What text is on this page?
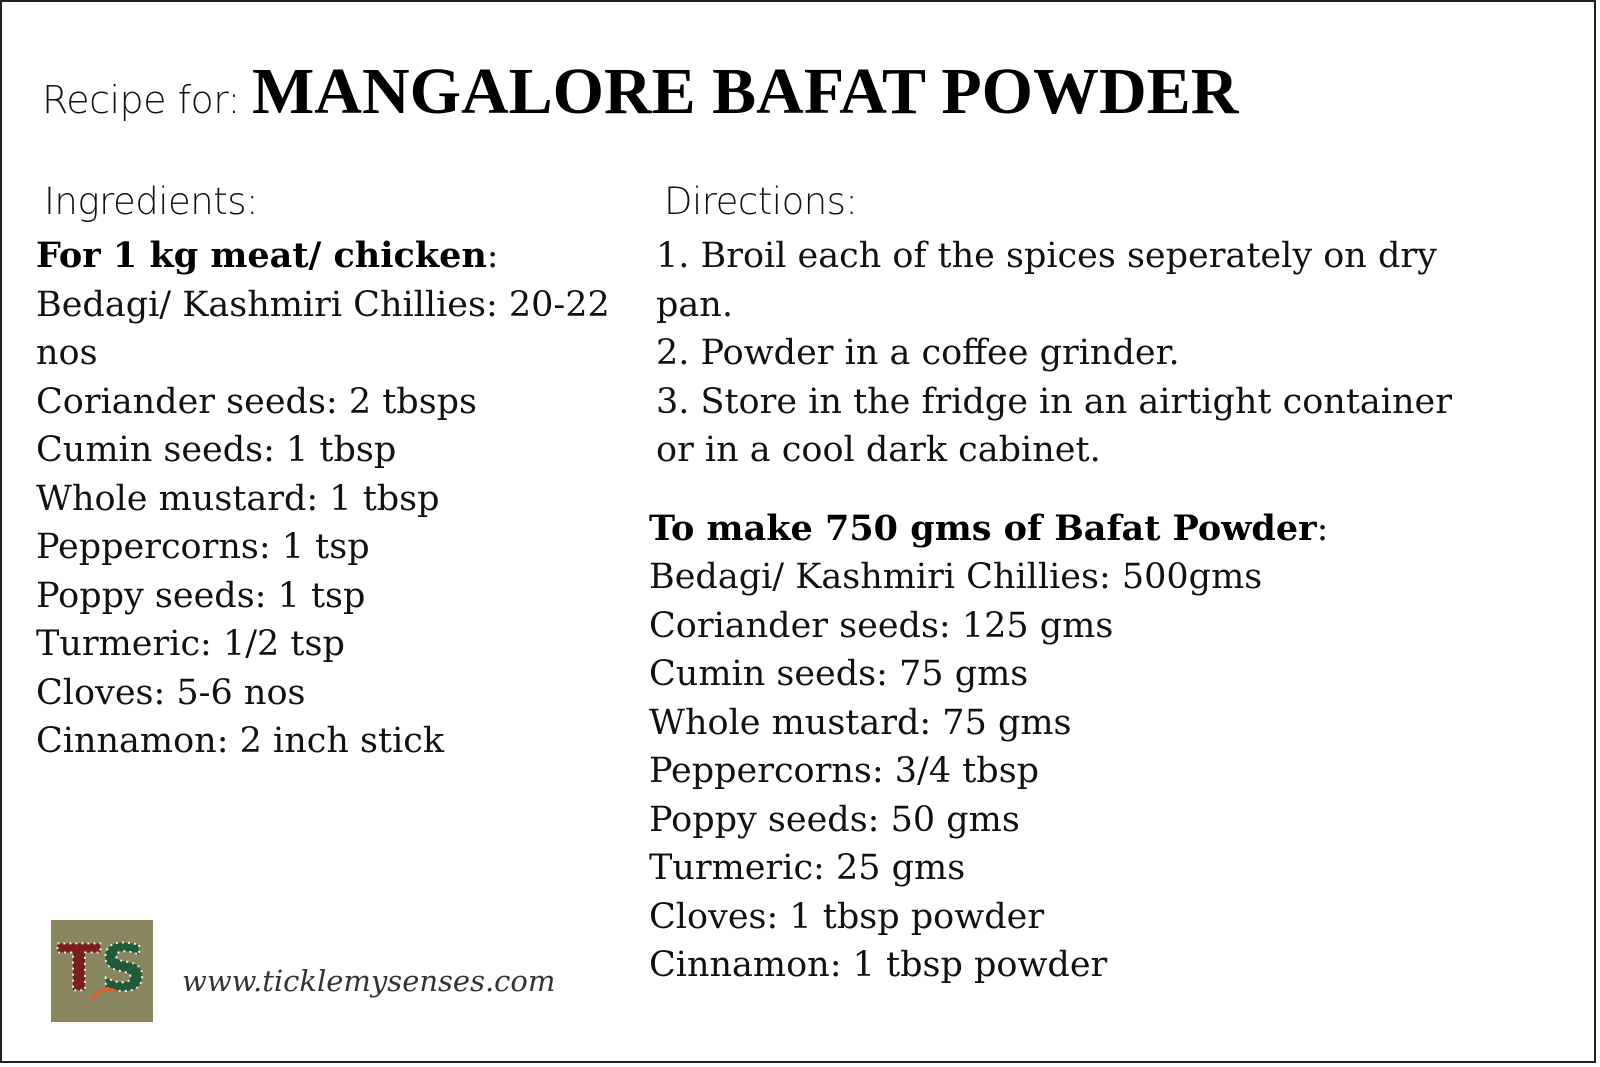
Recipe for: MANGALORE BAFAT POWDER
Ingredients:
For 1 kg meat/ chicken:
Bedagi/ Kashmiri Chillies: 20-22 nos
Coriander seeds: 2 tbsps
Cumin seeds: 1 tbsp
Whole mustard: 1 tbsp
Peppercorns: 1 tsp
Poppy seeds: 1 tsp
Turmeric: 1/2 tsp
Cloves: 5-6 nos
Cinnamon: 2 inch stick
Directions:
1. Broil each of the spices seperately on dry pan.
2. Powder in a coffee grinder.
3. Store in the fridge in an airtight container or in a cool dark cabinet.
To make 750 gms of Bafat Powder:
Bedagi/ Kashmiri Chillies: 500gms
Coriander seeds: 125 gms
Cumin seeds: 75 gms
Whole mustard: 75 gms
Peppercorns: 3/4 tbsp
Poppy seeds: 50 gms
Turmeric: 25 gms
Cloves: 1 tbsp powder
Cinnamon: 1 tbsp powder
TS www.ticklemysenses.com
